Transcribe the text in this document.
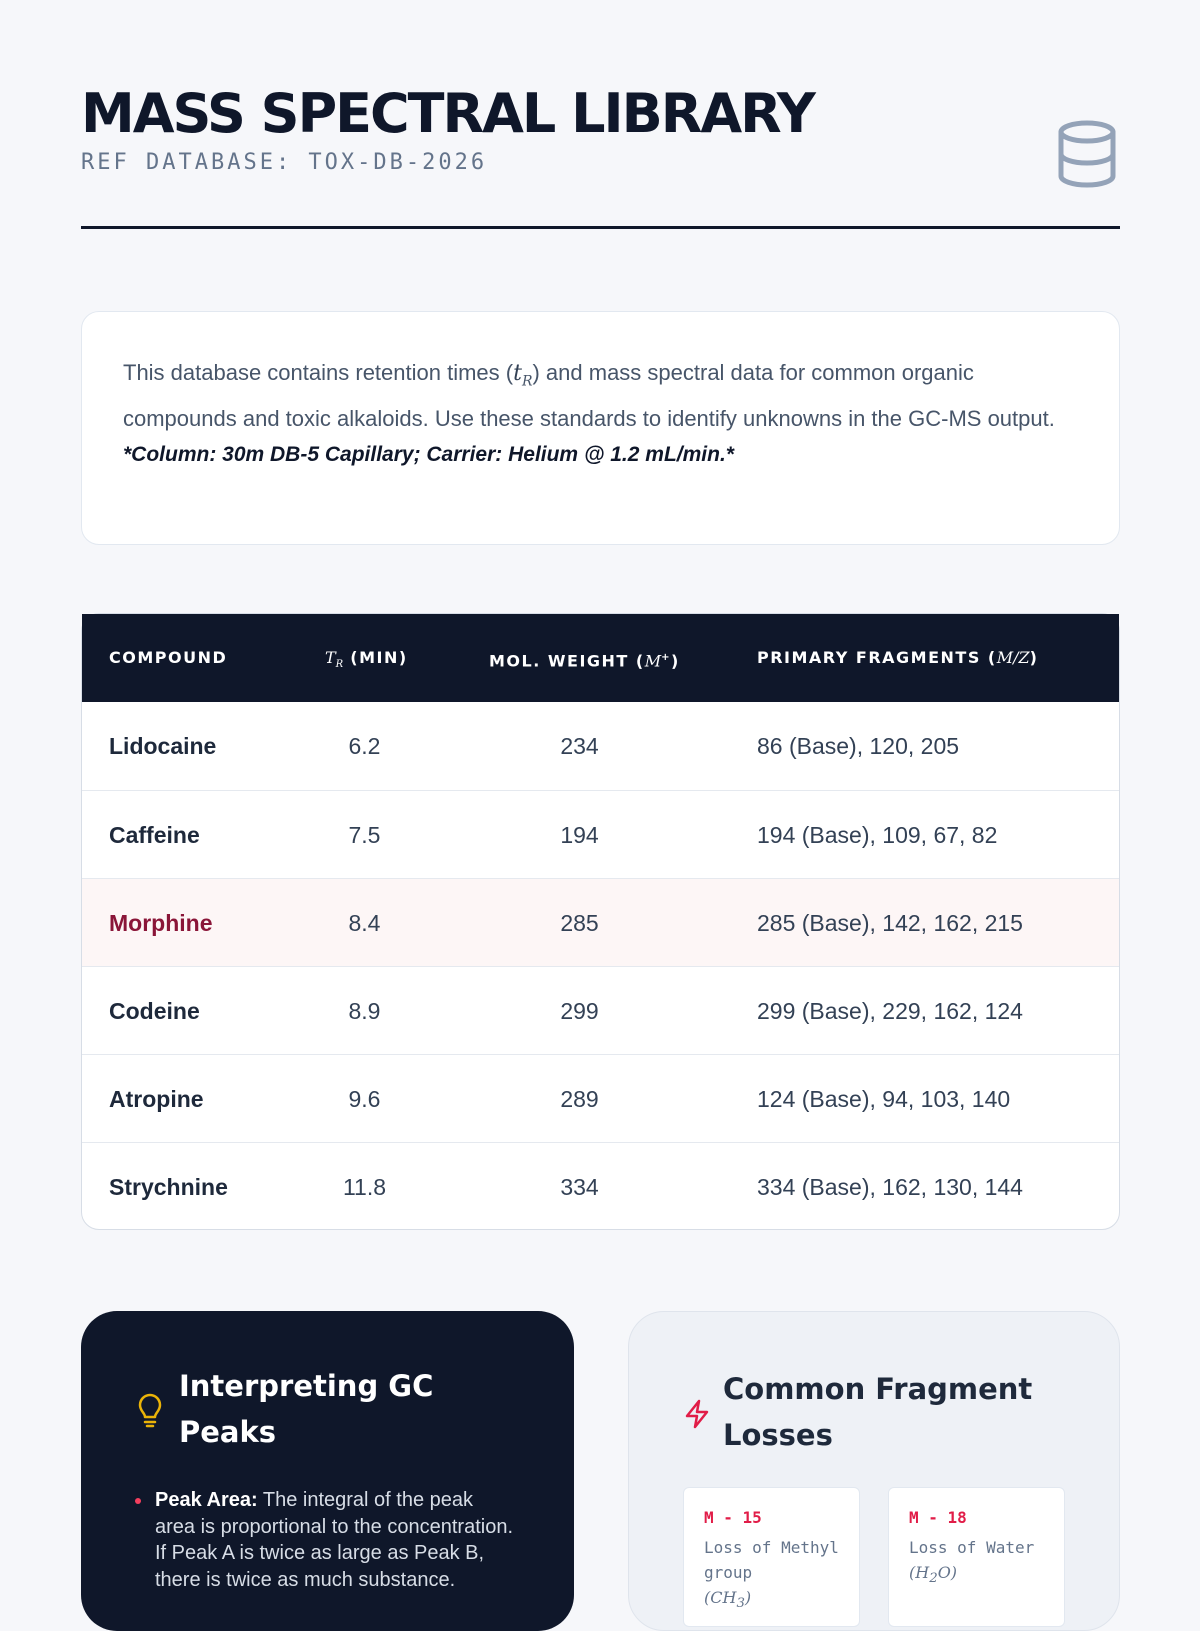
MASS SPECTRAL LIBRARY
REF DATABASE: TOX-DB-2026
This database contains retention times $(t_R)$ and mass spectral data for common organic compounds and toxic alkaloids. Use these standards to identify unknowns in the GC-MS output.
*Column: 30m DB-5 Capillary; Carrier: Helium @ 1.2 mL/min.*
COMPOUND	$T_R$ (MIN)	MOL. WEIGHT (M+)	PRIMARY FRAGMENTS (M/Z)
Lidocaine	6.2	234	86 (Base), 120, 205
Caffeine	7.5	194	194 (Base), 109, 67, 82
Morphine	8.4	285	285 (Base), 142, 162, 215
Codeine	8.9	299	299 (Base), 229, 162, 124
Atropine	9.6	289	124 (Base), 94, 103, 140
Strychnine	11.8	334	334 (Base), 162, 130, 144
Interpreting GC Peaks
Peak Area: The integral of the peak area is proportional to the concentration. If Peak A is twice as large as Peak B, there is twice as much substance.
Common Fragment Losses
M - 15
Loss of Methyl group
$(CH_3)$
M - 18
Loss of Water
$(H_2O)$
